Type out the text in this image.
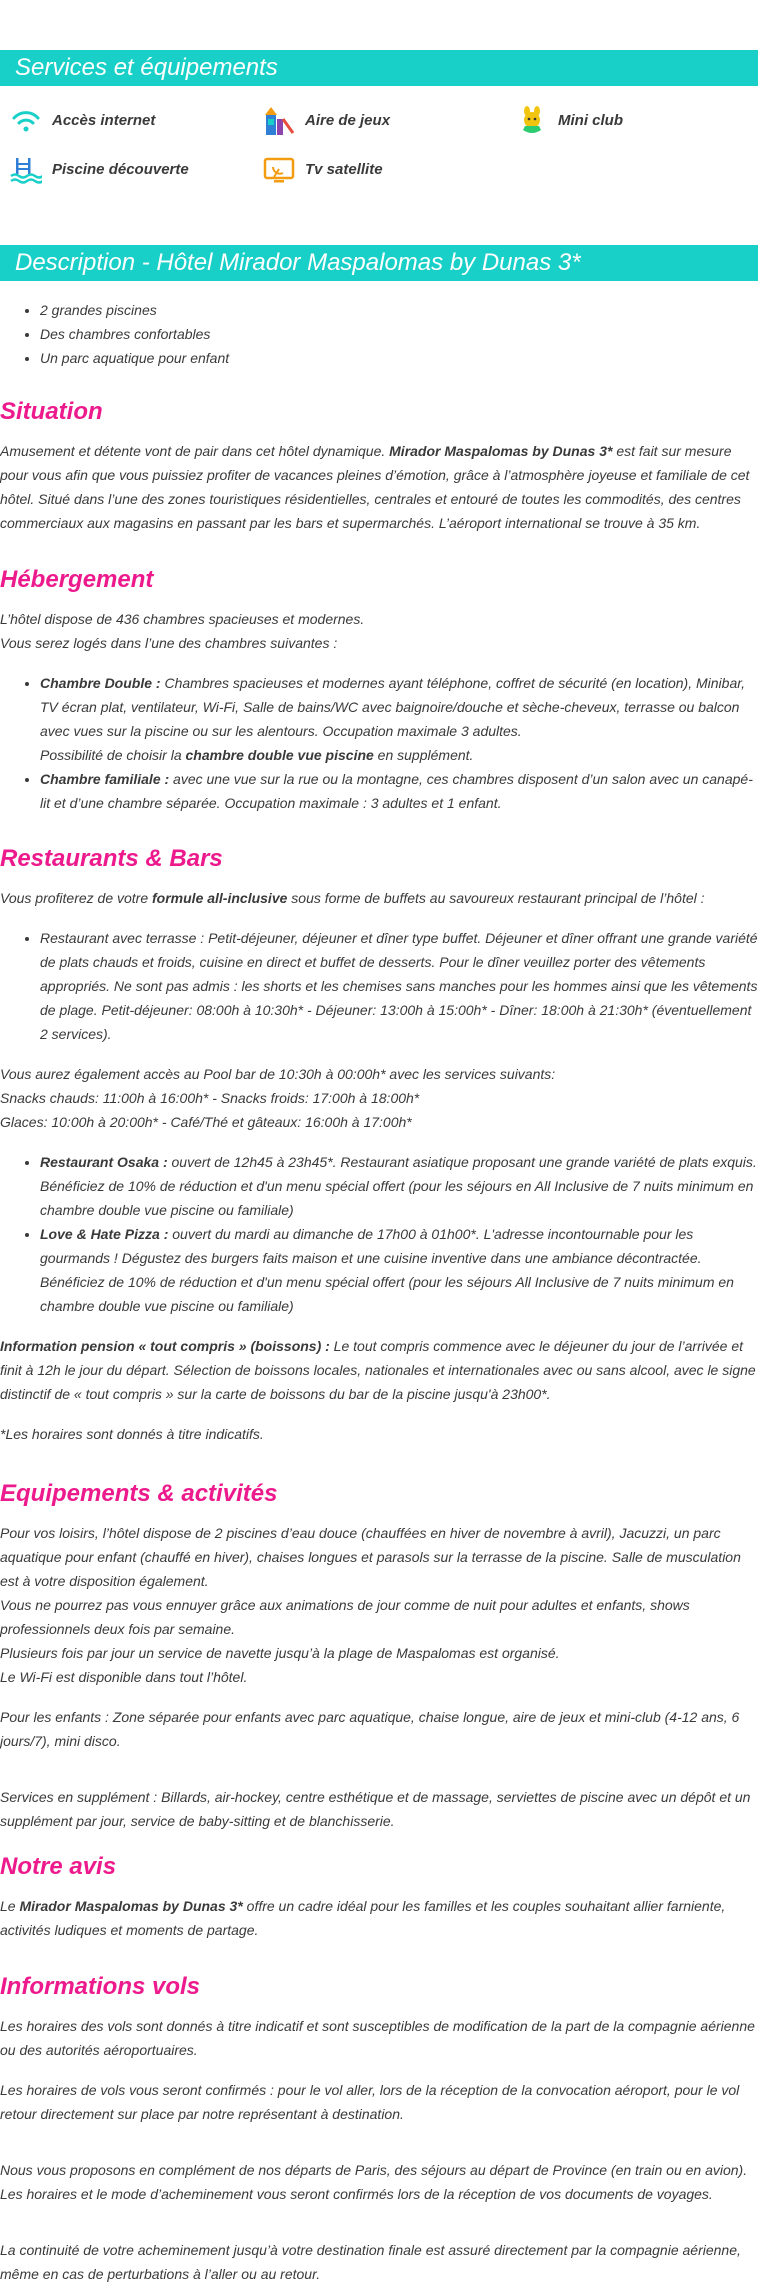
Services et équipements
Accès internet	Aire de jeux	Mini club
Piscine découverte	Tv satellite
Description - Hôtel Mirador Maspalomas by Dunas 3*
• 2 grandes piscines
• Des chambres confortables
• Un parc aquatique pour enfant
Situation

Amusement et détente vont de pair dans cet hôtel dynamique. Mirador Maspalomas by Dunas 3* est fait sur mesure pour vous afin que vous puissiez profiter de vacances pleines d’émotion, grâce à l’atmosphère joyeuse et familiale de cet hôtel. Situé dans l’une des zones touristiques résidentielles, centrales et entouré de toutes les commodités, des centres commerciaux aux magasins en passant par les bars et supermarchés. L’aéroport international se trouve à 35 km.

Hébergement

L’hôtel dispose de 436 chambres spacieuses et modernes.

Vous serez logés dans l’une des chambres suivantes :

• Chambre Double : Chambres spacieuses et modernes ayant téléphone, coffret de sécurité (en location), Minibar, TV écran plat, ventilateur, Wi-Fi, Salle de bains/WC avec baignoire/douche et sèche-cheveux, terrasse ou balcon avec vues sur la piscine ou sur les alentours. Occupation maximale 3 adultes.
Possibilité de choisir la chambre double vue piscine en supplément.
• Chambre familiale : avec une vue sur la rue ou la montagne, ces chambres disposent d’un salon avec un canapé-lit et d’une chambre séparée. Occupation maximale : 3 adultes et 1 enfant.
Restaurants & Bars

Vous profiterez de votre formule all-inclusive sous forme de buffets au savoureux restaurant principal de l’hôtel :

• Restaurant avec terrasse : Petit-déjeuner, déjeuner et dîner type buffet. Déjeuner et dîner offrant une grande variété de plats chauds et froids, cuisine en direct et buffet de desserts. Pour le dîner veuillez porter des vêtements appropriés. Ne sont pas admis : les shorts et les chemises sans manches pour les hommes ainsi que les vêtements de plage. Petit-déjeuner: 08:00h à 10:30h* - Déjeuner: 13:00h à 15:00h* - Dîner: 18:00h à 21:30h* (éventuellement 2 services).

Vous aurez également accès au Pool bar de 10:30h à 00:00h* avec les services suivants:

Snacks chauds: 11:00h à 16:00h* - Snacks froids: 17:00h à 18:00h*

Glaces: 10:00h à 20:00h* - Café/Thé et gâteaux: 16:00h à 17:00h*

• Restaurant Osaka : ouvert de 12h45 à 23h45*. Restaurant asiatique proposant une grande variété de plats exquis. Bénéficiez de 10% de réduction et d'un menu spécial offert (pour les séjours en All Inclusive de 7 nuits minimum en chambre double vue piscine ou familiale)
• Love & Hate Pizza : ouvert du mardi au dimanche de 17h00 à 01h00*. L'adresse incontournable pour les gourmands ! Dégustez des burgers faits maison et une cuisine inventive dans une ambiance décontractée. Bénéficiez de 10% de réduction et d'un menu spécial offert (pour les séjours All Inclusive de 7 nuits minimum en chambre double vue piscine ou familiale)

Information pension « tout compris » (boissons) : Le tout compris commence avec le déjeuner du jour de l’arrivée et finit à 12h le jour du départ. Sélection de boissons locales, nationales et internationales avec ou sans alcool, avec le signe distinctif de « tout compris » sur la carte de boissons du bar de la piscine jusqu'à 23h00*.

*Les horaires sont donnés à titre indicatifs.

Equipements & activités

Pour vos loisirs, l’hôtel dispose de 2 piscines d’eau douce (chauffées en hiver de novembre à avril), Jacuzzi, un parc aquatique pour enfant (chauffé en hiver), chaises longues et parasols sur la terrasse de la piscine. Salle de musculation est à votre disposition également.

Vous ne pourrez pas vous ennuyer grâce aux animations de jour comme de nuit pour adultes et enfants, shows professionnels deux fois par semaine.

Plusieurs fois par jour un service de navette jusqu’à la plage de Maspalomas est organisé.

Le Wi-Fi est disponible dans tout l’hôtel.

Pour les enfants : Zone séparée pour enfants avec parc aquatique, chaise longue, aire de jeux et mini-club (4-12 ans, 6 jours/7), mini disco.

Services en supplément : Billards, air-hockey, centre esthétique et de massage, serviettes de piscine avec un dépôt et un supplément par jour, service de baby-sitting et de blanchisserie.

Notre avis

Le Mirador Maspalomas by Dunas 3* offre un cadre idéal pour les familles et les couples souhaitant allier farniente, activités ludiques et moments de partage.

Informations vols

Les horaires des vols sont donnés à titre indicatif et sont susceptibles de modification de la part de la compagnie aérienne ou des autorités aéroportuaires.

Les horaires de vols vous seront confirmés : pour le vol aller, lors de la réception de la convocation aéroport, pour le vol retour directement sur place par notre représentant à destination.

Nous vous proposons en complément de nos départs de Paris, des séjours au départ de Province (en train ou en avion).

Les horaires et le mode d’acheminement vous seront confirmés lors de la réception de vos documents de voyages.

La continuité de votre acheminement jusqu’à votre destination finale est assuré directement par la compagnie aérienne, même en cas de perturbations à l’aller ou au retour.
